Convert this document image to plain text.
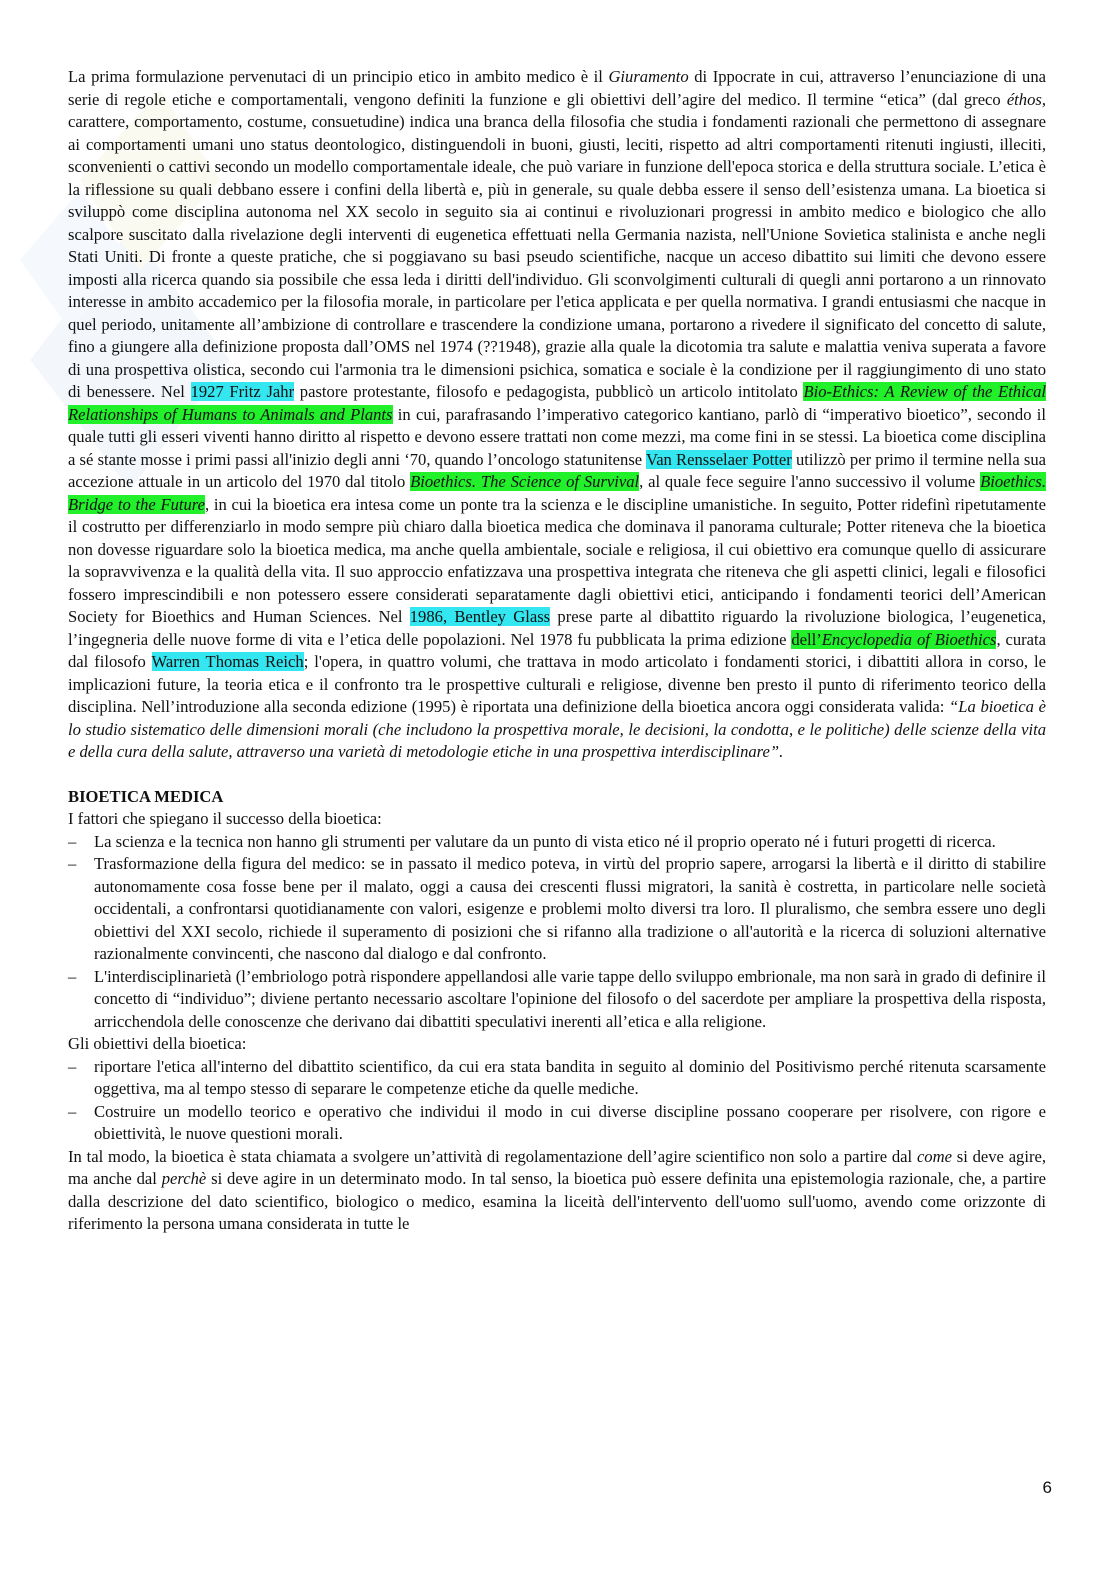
La prima formulazione pervenutaci di un principio etico in ambito medico è il Giuramento di Ippocrate in cui, attraverso l’enunciazione di una serie di regole etiche e comportamentali, vengono definiti la funzione e gli obiettivi dell’agire del medico. Il termine “etica” (dal greco éthos, carattere, comportamento, costume, consuetudine) indica una branca della filosofia che studia i fondamenti razionali che permettono di assegnare ai comportamenti umani uno status deontologico, distinguendoli in buoni, giusti, leciti, rispetto ad altri comportamenti ritenuti ingiusti, illeciti, sconvenienti o cattivi secondo un modello comportamentale ideale, che può variare in funzione dell'epoca storica e della struttura sociale. L’etica è la riflessione su quali debbano essere i confini della libertà e, più in generale, su quale debba essere il senso dell’esistenza umana. La bioetica si sviluppò come disciplina autonoma nel XX secolo in seguito sia ai continui e rivoluzionari progressi in ambito medico e biologico che allo scalpore suscitato dalla rivelazione degli interventi di eugenetica effettuati nella Germania nazista, nell'Unione Sovietica stalinista e anche negli Stati Uniti. Di fronte a queste pratiche, che si poggiavano su basi pseudo scientifiche, nacque un acceso dibattito sui limiti che devono essere imposti alla ricerca quando sia possibile che essa leda i diritti dell'individuo. Gli sconvolgimenti culturali di quegli anni portarono a un rinnovato interesse in ambito accademico per la filosofia morale, in particolare per l'etica applicata e per quella normativa. I grandi entusiasmi che nacque in quel periodo, unitamente all’ambizione di controllare e trascendere la condizione umana, portarono a rivedere il significato del concetto di salute, fino a giungere alla definizione proposta dall’OMS nel 1974 (??1948), grazie alla quale la dicotomia tra salute e malattia veniva superata a favore di una prospettiva olistica, secondo cui l'armonia tra le dimensioni psichica, somatica e sociale è la condizione per il raggiungimento di uno stato di benessere. Nel 1927 Fritz Jahr pastore protestante, filosofo e pedagogista, pubblicò un articolo intitolato Bio-Ethics: A Review of the Ethical Relationships of Humans to Animals and Plants in cui, parafrasando l’imperativo categorico kantiano, parlò di “imperativo bioetico”, secondo il quale tutti gli esseri viventi hanno diritto al rispetto e devono essere trattati non come mezzi, ma come fini in se stessi. La bioetica come disciplina a sé stante mosse i primi passi all'inizio degli anni ‘70, quando l’oncologo statunitense Van Rensselaer Potter utilizzò per primo il termine nella sua accezione attuale in un articolo del 1970 dal titolo Bioethics. The Science of Survival, al quale fece seguire l'anno successivo il volume Bioethics. Bridge to the Future, in cui la bioetica era intesa come un ponte tra la scienza e le discipline umanistiche. In seguito, Potter ridefinì ripetutamente il costrutto per differenziarlo in modo sempre più chiaro dalla bioetica medica che dominava il panorama culturale; Potter riteneva che la bioetica non dovesse riguardare solo la bioetica medica, ma anche quella ambientale, sociale e religiosa, il cui obiettivo era comunque quello di assicurare la sopravvivenza e la qualità della vita. Il suo approccio enfatizzava una prospettiva integrata che riteneva che gli aspetti clinici, legali e filosofici fossero imprescindibili e non potessero essere considerati separatamente dagli obiettivi etici, anticipando i fondamenti teorici dell’American Society for Bioethics and Human Sciences. Nel 1986, Bentley Glass prese parte al dibattito riguardo la rivoluzione biologica, l’eugenetica, l’ingegneria delle nuove forme di vita e l’etica delle popolazioni. Nel 1978 fu pubblicata la prima edizione dell’Encyclopedia of Bioethics, curata dal filosofo Warren Thomas Reich; l'opera, in quattro volumi, che trattava in modo articolato i fondamenti storici, i dibattiti allora in corso, le implicazioni future, la teoria etica e il confronto tra le prospettive culturali e religiose, divenne ben presto il punto di riferimento teorico della disciplina. Nell’introduzione alla seconda edizione (1995) è riportata una definizione della bioetica ancora oggi considerata valida: “La bioetica è lo studio sistematico delle dimensioni morali (che includono la prospettiva morale, le decisioni, la condotta, e le politiche) delle scienze della vita e della cura della salute, attraverso una varietà di metodologie etiche in una prospettiva interdisciplinare”.

BIOETICA MEDICA

I fattori che spiegano il successo della bioetica:

– La scienza e la tecnica non hanno gli strumenti per valutare da un punto di vista etico né il proprio operato né i futuri progetti di ricerca.
– Trasformazione della figura del medico: se in passato il medico poteva, in virtù del proprio sapere, arrogarsi la libertà e il diritto di stabilire autonomamente cosa fosse bene per il malato, oggi a causa dei crescenti flussi migratori, la sanità è costretta, in particolare nelle società occidentali, a confrontarsi quotidianamente con valori, esigenze e problemi molto diversi tra loro. Il pluralismo, che sembra essere uno degli obiettivi del XXI secolo, richiede il superamento di posizioni che si rifanno alla tradizione o all'autorità e la ricerca di soluzioni alternative razionalmente convincenti, che nascono dal dialogo e dal confronto.
– L'interdisciplinarietà (l’embriologo potrà rispondere appellandosi alle varie tappe dello sviluppo embrionale, ma non sarà in grado di definire il concetto di “individuo”; diviene pertanto necessario ascoltare l'opinione del filosofo o del sacerdote per ampliare la prospettiva della risposta, arricchendola delle conoscenze che derivano dai dibattiti speculativi inerenti all’etica e alla religione.

Gli obiettivi della bioetica:

– riportare l'etica all'interno del dibattito scientifico, da cui era stata bandita in seguito al dominio del Positivismo perché ritenuta scarsamente oggettiva, ma al tempo stesso di separare le competenze etiche da quelle mediche.
– Costruire un modello teorico e operativo che individui il modo in cui diverse discipline possano cooperare per risolvere, con rigore e obiettività, le nuove questioni morali.

In tal modo, la bioetica è stata chiamata a svolgere un’attività di regolamentazione dell’agire scientifico non solo a partire dal come si deve agire, ma anche dal perchè si deve agire in un determinato modo. In tal senso, la bioetica può essere definita una epistemologia razionale, che, a partire dalla descrizione del dato scientifico, biologico o medico, esamina la liceità dell'intervento dell'uomo sull'uomo, avendo come orizzonte di riferimento la persona umana considerata in tutte le

6
